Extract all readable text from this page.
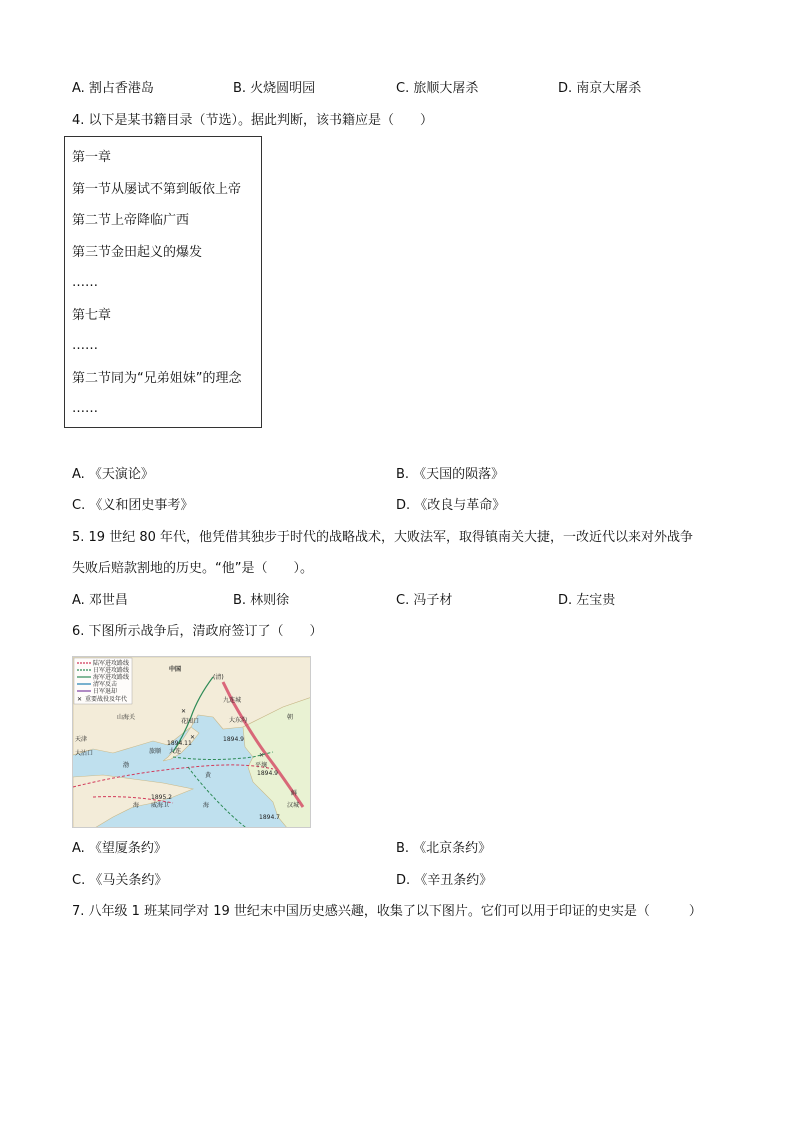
A. 割占香港岛	B. 火烧圆明园	C. 旅顺大屠杀	D. 南京大屠杀
4. 以下是某书籍目录（节选）。据此判断，该书籍应是（　　）
第一章
第一节从屡试不第到皈依上帝
第二节上帝降临广西
第三节金田起义的爆发
……
第七章
……
第二节同为“兄弟姐妹”的理念
……
A. 《天演论》	B. 《天国的陨落》
C. 《义和团史事考》	D. 《改良与革命》
5. 19 世纪 80 年代，他凭借其独步于时代的战略战术，大败法军，取得镇南关大捷，一改近代以来对外战争
失败后赔款割地的历史。“他”是（　　）。
A. 邓世昌	B. 林则徐	C. 冯子材	D. 左宝贵
6. 下图所示战争后，清政府签订了（　　）
✕
陆军进攻路线
日军进攻路线
海军进攻路线
清军反击
日军退却
重要战役及年代
✕
✕
✕
中国
(清)
九连城
大东沟
1894.9
山海关
花园口
旅顺 大连
1894.11
天津
大沽口
1895.2
威海卫
平壤
1894.9
汉城
1894.7
朝
鲜
渤
海
黄
海
A. 《望厦条约》	B. 《北京条约》
C. 《马关条约》	D. 《辛丑条约》
7. 八年级 1 班某同学对 19 世纪末中国历史感兴趣，收集了以下图片。它们可以用于印证的史实是（　　　）
